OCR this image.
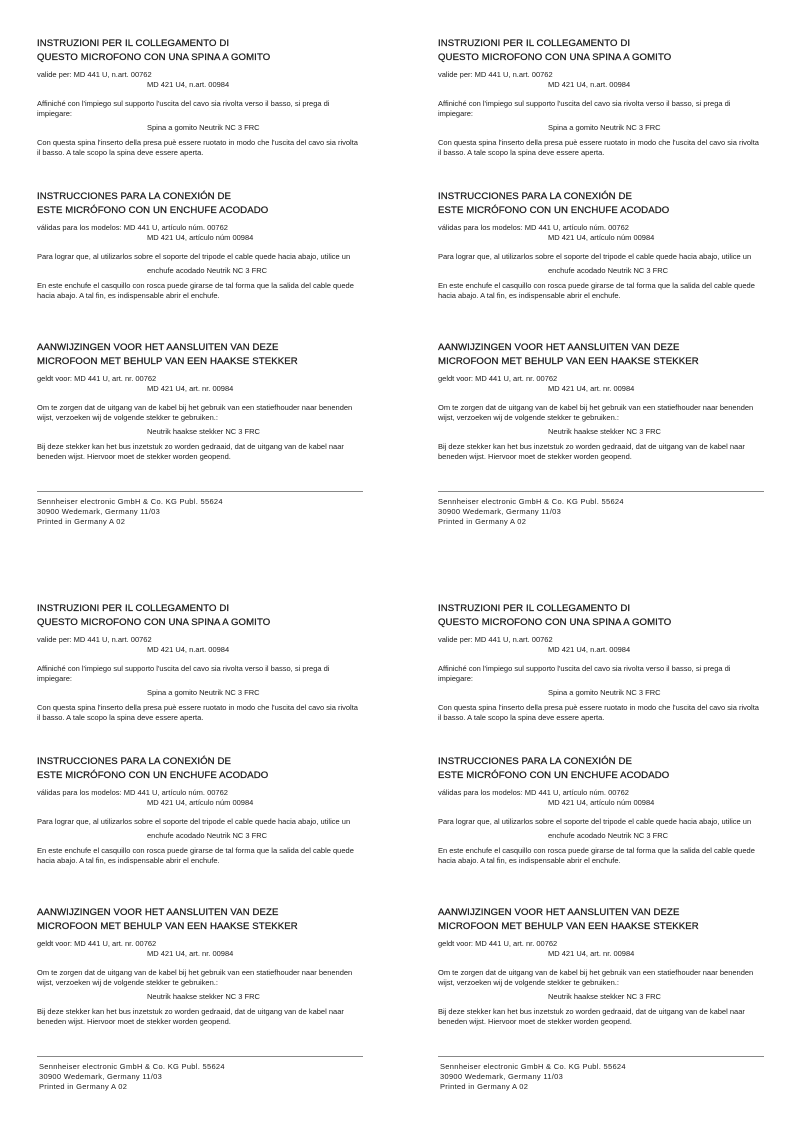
INSTRUZIONI PER IL COLLEGAMENTO DI

QUESTO MICROFONO CON UNA SPINA A GOMITO

valide per: MD 441 U, n.art. 00762

MD 421 U4, n.art. 00984

Affiniché con l'impiego sul supporto l'uscita del cavo sia rivolta verso il basso, si prega di impiegare:

Spina a gomito Neutrik NC 3 FRC

Con questa spina l'inserto della presa puè essere ruotato in modo che l'uscita del cavo sia rivolta il basso. A tale scopo la spina deve essere aperta.

INSTRUCCIONES PARA LA CONEXIÓN DE

ESTE MICRÓFONO CON UN ENCHUFE ACODADO

válidas para los modelos: MD 441 U, artículo núm. 00762

MD 421 U4, artículo núm 00984

Para lograr que, al utilizarlos sobre el soporte del tripode el cable quede hacia abajo, utilice un

enchufe acodado Neutrik NC 3 FRC

En este enchufe el casquillo con rosca puede girarse de tal forma que la salida del cable quede hacia abajo. A tal fin, es indispensable abrir el enchufe.

AANWIJZINGEN VOOR HET AANSLUITEN VAN DEZE

MICROFOON MET BEHULP VAN EEN HAAKSE STEKKER

geldt voor: MD 441 U, art. nr. 00762

MD 421 U4, art. nr. 00984

Om te zorgen dat de uitgang van de kabel bij het gebruik van een statiefhouder naar benenden wijst, verzoeken wij de volgende stekker te gebruiken.:

Neutrik haakse stekker NC 3 FRC

Bij deze stekker kan het bus inzetstuk zo worden gedraaid, dat de uitgang van de kabel naar beneden wijst. Hiervoor moet de stekker worden geopend.

Sennheiser electronic GmbH & Co. KG Publ. 55624
30900 Wedemark, Germany 11/03
Printed in Germany A 02

INSTRUZIONI PER IL COLLEGAMENTO DI

QUESTO MICROFONO CON UNA SPINA A GOMITO

valide per: MD 441 U, n.art. 00762

MD 421 U4, n.art. 00984

Affiniché con l'impiego sul supporto l'uscita del cavo sia rivolta verso il basso, si prega di impiegare:

Spina a gomito Neutrik NC 3 FRC

Con questa spina l'inserto della presa puè essere ruotato in modo che l'uscita del cavo sia rivolta il basso. A tale scopo la spina deve essere aperta.

INSTRUCCIONES PARA LA CONEXIÓN DE

ESTE MICRÓFONO CON UN ENCHUFE ACODADO

válidas para los modelos: MD 441 U, artículo núm. 00762

MD 421 U4, artículo núm 00984

Para lograr que, al utilizarlos sobre el soporte del tripode el cable quede hacia abajo, utilice un

enchufe acodado Neutrik NC 3 FRC

En este enchufe el casquillo con rosca puede girarse de tal forma que la salida del cable quede hacia abajo. A tal fin, es indispensable abrir el enchufe.

AANWIJZINGEN VOOR HET AANSLUITEN VAN DEZE

MICROFOON MET BEHULP VAN EEN HAAKSE STEKKER

geldt voor: MD 441 U, art. nr. 00762

MD 421 U4, art. nr. 00984

Om te zorgen dat de uitgang van de kabel bij het gebruik van een statiefhouder naar benenden wijst, verzoeken wij de volgende stekker te gebruiken.:

Neutrik haakse stekker NC 3 FRC

Bij deze stekker kan het bus inzetstuk zo worden gedraaid, dat de uitgang van de kabel naar beneden wijst. Hiervoor moet de stekker worden geopend.

Sennheiser electronic GmbH & Co. KG Publ. 55624
30900 Wedemark, Germany 11/03
Printed in Germany A 02

INSTRUZIONI PER IL COLLEGAMENTO DI

QUESTO MICROFONO CON UNA SPINA A GOMITO

valide per: MD 441 U, n.art. 00762

MD 421 U4, n.art. 00984

Affiniché con l'impiego sul supporto l'uscita del cavo sia rivolta verso il basso, si prega di impiegare:

Spina a gomito Neutrik NC 3 FRC

Con questa spina l'inserto della presa puè essere ruotato in modo che l'uscita del cavo sia rivolta il basso. A tale scopo la spina deve essere aperta.

INSTRUCCIONES PARA LA CONEXIÓN DE

ESTE MICRÓFONO CON UN ENCHUFE ACODADO

válidas para los modelos: MD 441 U, artículo núm. 00762

MD 421 U4, artículo núm 00984

Para lograr que, al utilizarlos sobre el soporte del tripode el cable quede hacia abajo, utilice un

enchufe acodado Neutrik NC 3 FRC

En este enchufe el casquillo con rosca puede girarse de tal forma que la salida del cable quede hacia abajo. A tal fin, es indispensable abrir el enchufe.

AANWIJZINGEN VOOR HET AANSLUITEN VAN DEZE

MICROFOON MET BEHULP VAN EEN HAAKSE STEKKER

geldt voor: MD 441 U, art. nr. 00762

MD 421 U4, art. nr. 00984

Om te zorgen dat de uitgang van de kabel bij het gebruik van een statiefhouder naar benenden wijst, verzoeken wij de volgende stekker te gebruiken.:

Neutrik haakse stekker NC 3 FRC

Bij deze stekker kan het bus inzetstuk zo worden gedraaid, dat de uitgang van de kabel naar beneden wijst. Hiervoor moet de stekker worden geopend.

Sennheiser electronic GmbH & Co. KG Publ. 55624
30900 Wedemark, Germany 11/03
Printed in Germany A 02

INSTRUZIONI PER IL COLLEGAMENTO DI

QUESTO MICROFONO CON UNA SPINA A GOMITO

valide per: MD 441 U, n.art. 00762

MD 421 U4, n.art. 00984

Affiniché con l'impiego sul supporto l'uscita del cavo sia rivolta verso il basso, si prega di impiegare:

Spina a gomito Neutrik NC 3 FRC

Con questa spina l'inserto della presa puè essere ruotato in modo che l'uscita del cavo sia rivolta il basso. A tale scopo la spina deve essere aperta.

INSTRUCCIONES PARA LA CONEXIÓN DE

ESTE MICRÓFONO CON UN ENCHUFE ACODADO

válidas para los modelos: MD 441 U, artículo núm. 00762

MD 421 U4, artículo núm 00984

Para lograr que, al utilizarlos sobre el soporte del tripode el cable quede hacia abajo, utilice un

enchufe acodado Neutrik NC 3 FRC

En este enchufe el casquillo con rosca puede girarse de tal forma que la salida del cable quede hacia abajo. A tal fin, es indispensable abrir el enchufe.

AANWIJZINGEN VOOR HET AANSLUITEN VAN DEZE

MICROFOON MET BEHULP VAN EEN HAAKSE STEKKER

geldt voor: MD 441 U, art. nr. 00762

MD 421 U4, art. nr. 00984

Om te zorgen dat de uitgang van de kabel bij het gebruik van een statiefhouder naar benenden wijst, verzoeken wij de volgende stekker te gebruiken.:

Neutrik haakse stekker NC 3 FRC

Bij deze stekker kan het bus inzetstuk zo worden gedraaid, dat de uitgang van de kabel naar beneden wijst. Hiervoor moet de stekker worden geopend.

Sennheiser electronic GmbH & Co. KG Publ. 55624
30900 Wedemark, Germany 11/03
Printed in Germany A 02
